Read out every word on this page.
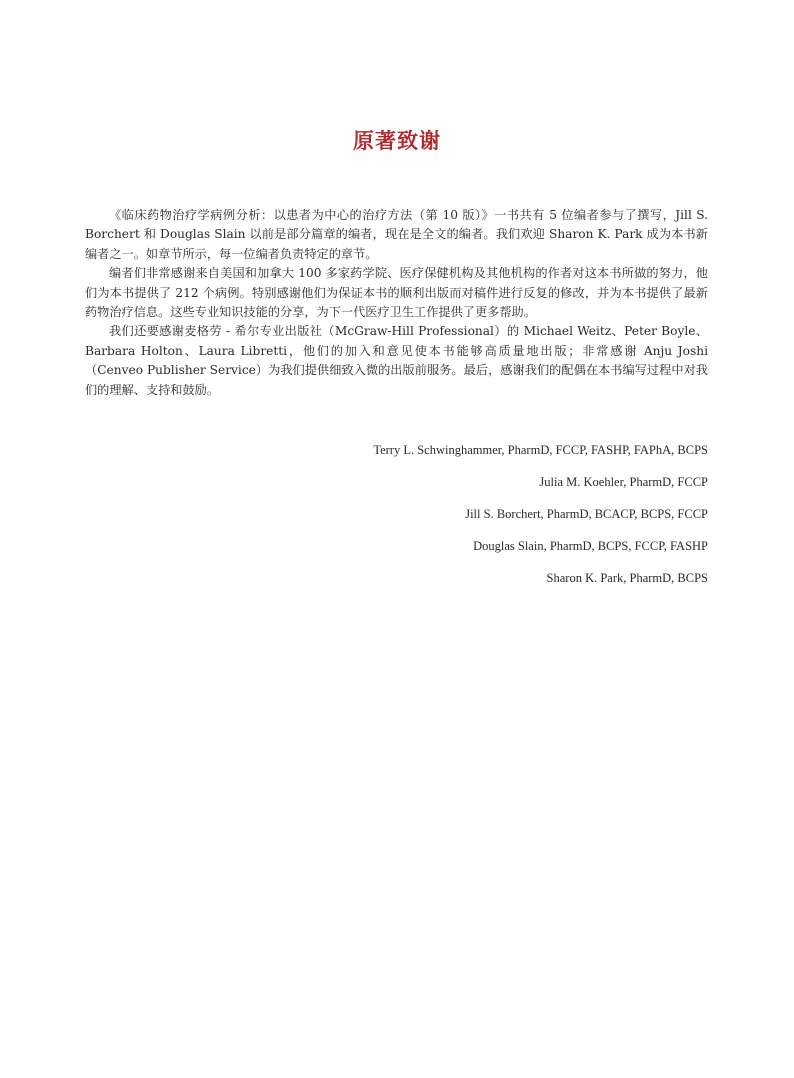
原著致谢

《临床药物治疗学病例分析：以患者为中心的治疗方法（第 10 版）》一书共有 5 位编者参与了撰写，Jill S. Borchert 和 Douglas Slain 以前是部分篇章的编者，现在是全文的编者。我们欢迎 Sharon K. Park 成为本书新编者之一。如章节所示，每一位编者负责特定的章节。

编者们非常感谢来自美国和加拿大 100 多家药学院、医疗保健机构及其他机构的作者对这本书所做的努力，他们为本书提供了 212 个病例。特别感谢他们为保证本书的顺利出版而对稿件进行反复的修改，并为本书提供了最新药物治疗信息。这些专业知识技能的分享，为下一代医疗卫生工作提供了更多帮助。

我们还要感谢麦格劳 - 希尔专业出版社（McGraw-Hill Professional）的 Michael Weitz、Peter Boyle、Barbara Holton、Laura Libretti，他们的加入和意见使本书能够高质量地出版；非常感谢 Anju Joshi（Cenveo Publisher Service）为我们提供细致入微的出版前服务。最后，感谢我们的配偶在本书编写过程中对我们的理解、支持和鼓励。

Terry L. Schwinghammer, PharmD, FCCP, FASHP, FAPhA, BCPS
Julia M. Koehler, PharmD, FCCP
Jill S. Borchert, PharmD, BCACP, BCPS, FCCP
Douglas Slain, PharmD, BCPS, FCCP, FASHP
Sharon K. Park, PharmD, BCPS
